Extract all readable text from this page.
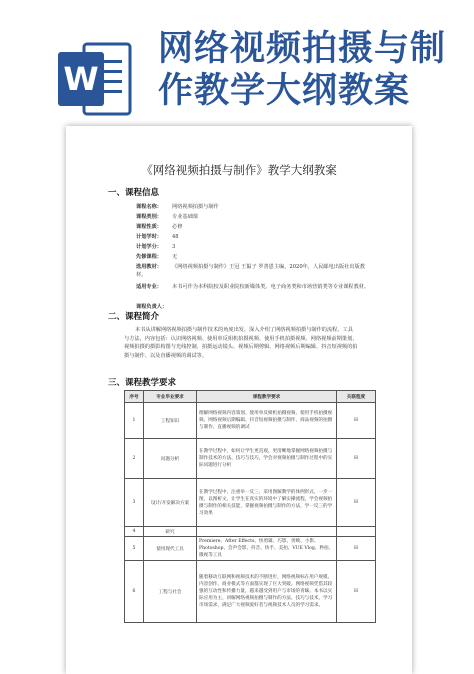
W
网络视频拍摄与制
作教学大纲教案
《网络视频拍摄与制作》教学大纲教案
一、课程信息
课程名称： 网络视频拍摄与制作
课程类别： 专业基础课
课程性质： 必修
计划学时： 48
计划学分： 3
先修课程： 无
选用教材： 《网络视频拍摄与制作》王冠 王韫子 罗善恩主编，2020年，人民邮电出版社出版教材。
适用专业： 本书可作为本科院校及职业院校新媒体类、电子商务类和市场营销类等专业课程教材。
课程负责人：
二、课程简介
本书从讲解网络视频拍摄与制作技术的角度出发，深入介绍了网络视频拍摄与制作的流程、工具与方法，内容包括：认识网络视频、使用单反相机拍摄视频、使用手机拍摄视频、网络视频前期策划、视频拍摄的摄影构图与光线控制、拍摄运动镜头、视频后期剪辑、网络视频后期编辑、抖音短视频的拍摄与制作、以及直播视频的调试等。
三、课程教学要求
序号	专业毕业要求	课程教学要求	关联程度
1	工程知识	理解网络视频内容策划、使用单反相机拍摄视频、使用手机拍摄视频、网络视频后期编辑、抖音短视频拍摄与制作、商品视频的拍摄与制作、直播视频的调试	H
2	问题分析	在教学过程中，如何让学生更直观、更清晰地掌握网络视频拍摄与制作技术的方法、技巧与技巧，学会对视频拍摄与制作过程中的实际问题进行分析	H
3	设计/开发解决方案	在教学过程中，注重举一反三、采用图解教学的体例形式，一步一图，以图析文，让学生在真实的环境中了解实操流程，学会视频拍摄与制作的相关技能，掌握视频拍摄与制作的方法，学一反三的学习效果	H
4	研究		
5	使用现代工具	Premiere、After Effects、快剪辑、巧影、剪映、小影、Photoshop、会声会影、抖音、快手、美拍、VUE Vlog、秒拍、微视等工具	H
6	工程与社会	随着移动互联网和视频技术的不断进步，网络视频标在用户规模、内容创作、商业模式等方面都实现了巨大突破。网络视频凭借其较强的互动性和传播力量，越来越受到用户与市场的青睐。本书以实际应用为主、讲解网络视频拍摄与制作的方法、技巧与技术，学习市场需求，满足广大视频爱好者与视频技术人员的学习需求。	H
